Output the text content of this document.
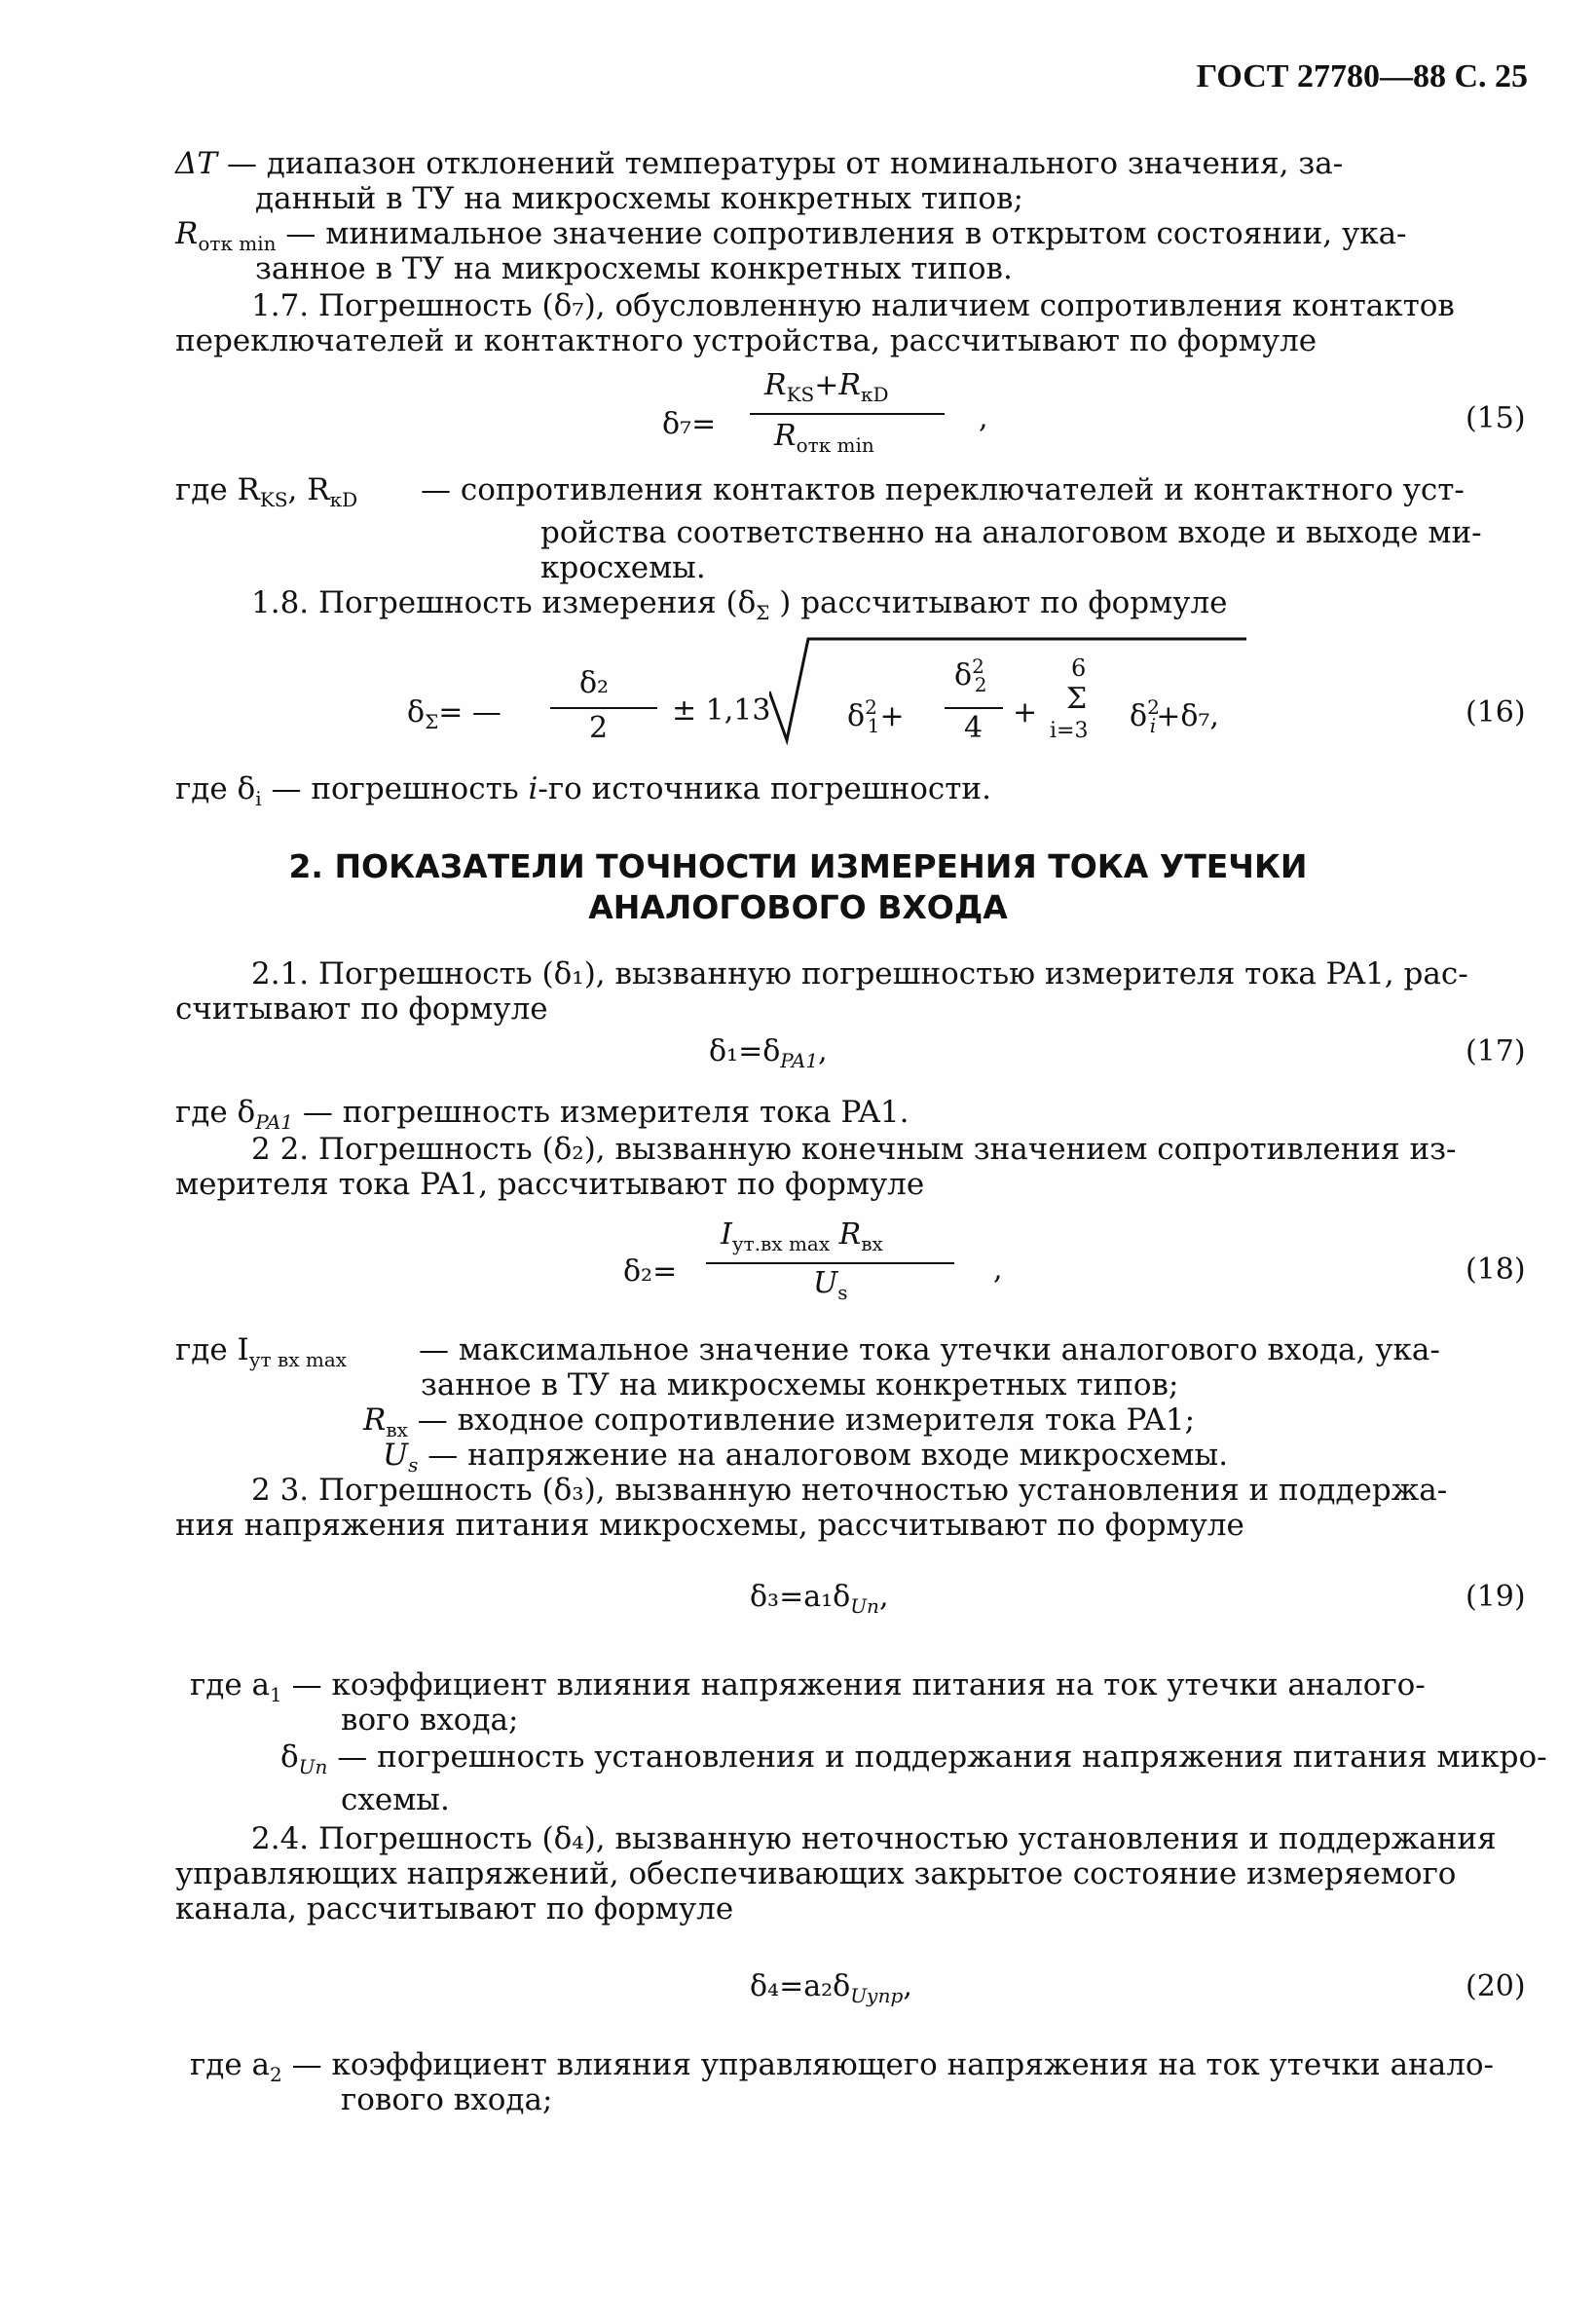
ГОСТ 27780—88 С. 25
ΔT — диапазон отклонений температуры от номинального значения, за-
данный в ТУ на микросхемы конкретных типов;
$R_{отк min}$ — минимальное значение сопротивления в открытом состоянии, ука-
занное в ТУ на микросхемы конкретных типов.
1.7. Погрешность (δ₇), обусловленную наличием сопротивления контактов
переключателей и контактного устройства, рассчитывают по формуле
δ₇=
$R_{KS}+R_{кD}$
$R_{отк min}$
,	(15)
где $R_{KS}$, $R_{кD}$ — сопротивления контактов переключателей и контактного уст-
ройства соответственно на аналоговом входе и выходе ми-
кросхемы.
1.8. Погрешность измерения ($\delta_\Sigma$ ) рассчитывают по формуле
$\delta_\Sigma=$ —
δ₂
2
± 1,13	$\delta^2_1+$
$\delta^2_2$
4 +
6
Σ
i=3 $\delta^2_i+\delta_7$,	(16)
где $\delta_i$ — погрешность i-го источника погрешности.
2. ПОКАЗАТЕЛИ ТОЧНОСТИ ИЗМЕРЕНИЯ ТОКА УТЕЧКИ
АНАЛОГОВОГО ВХОДА
2.1. Погрешность (δ₁), вызванную погрешностью измерителя тока PA1, рас-
считывают по формуле
$\delta_1=\delta_{PA1}$,	(17)
где $\delta_{PA1}$ — погрешность измерителя тока PA1.
2 2. Погрешность (δ₂), вызванную конечным значением сопротивления из-
мерителя тока PA1, рассчитывают по формуле
δ₂=
$I_{ут.вх max}$ $R_{вх}$
$U_s$
,	(18)
где $I_{ут вх max}$ — максимальное значение тока утечки аналогового входа, ука-
занное в ТУ на микросхемы конкретных типов;
$R_{вх}$ — входное сопротивление измерителя тока PA1;
$U_s$ — напряжение на аналоговом входе микросхемы.
2 3. Погрешность (δ₃), вызванную неточностью установления и поддержа-
ния напряжения питания микросхемы, рассчитывают по формуле
$\delta_3=a_1\delta_{Uп}$,	(19)
где $a_1$ — коэффициент влияния напряжения питания на ток утечки аналого-
вого входа;
$\delta_{Uп}$ — погрешность установления и поддержания напряжения питания микро-
схемы.
2.4. Погрешность (δ₄), вызванную неточностью установления и поддержания
управляющих напряжений, обеспечивающих закрытое состояние измеряемого
канала, рассчитывают по формуле
$\delta_4=a_2\delta_{Uупр}$,	(20)
где $a_2$ — коэффициент влияния управляющего напряжения на ток утечки анало-
гового входа;
